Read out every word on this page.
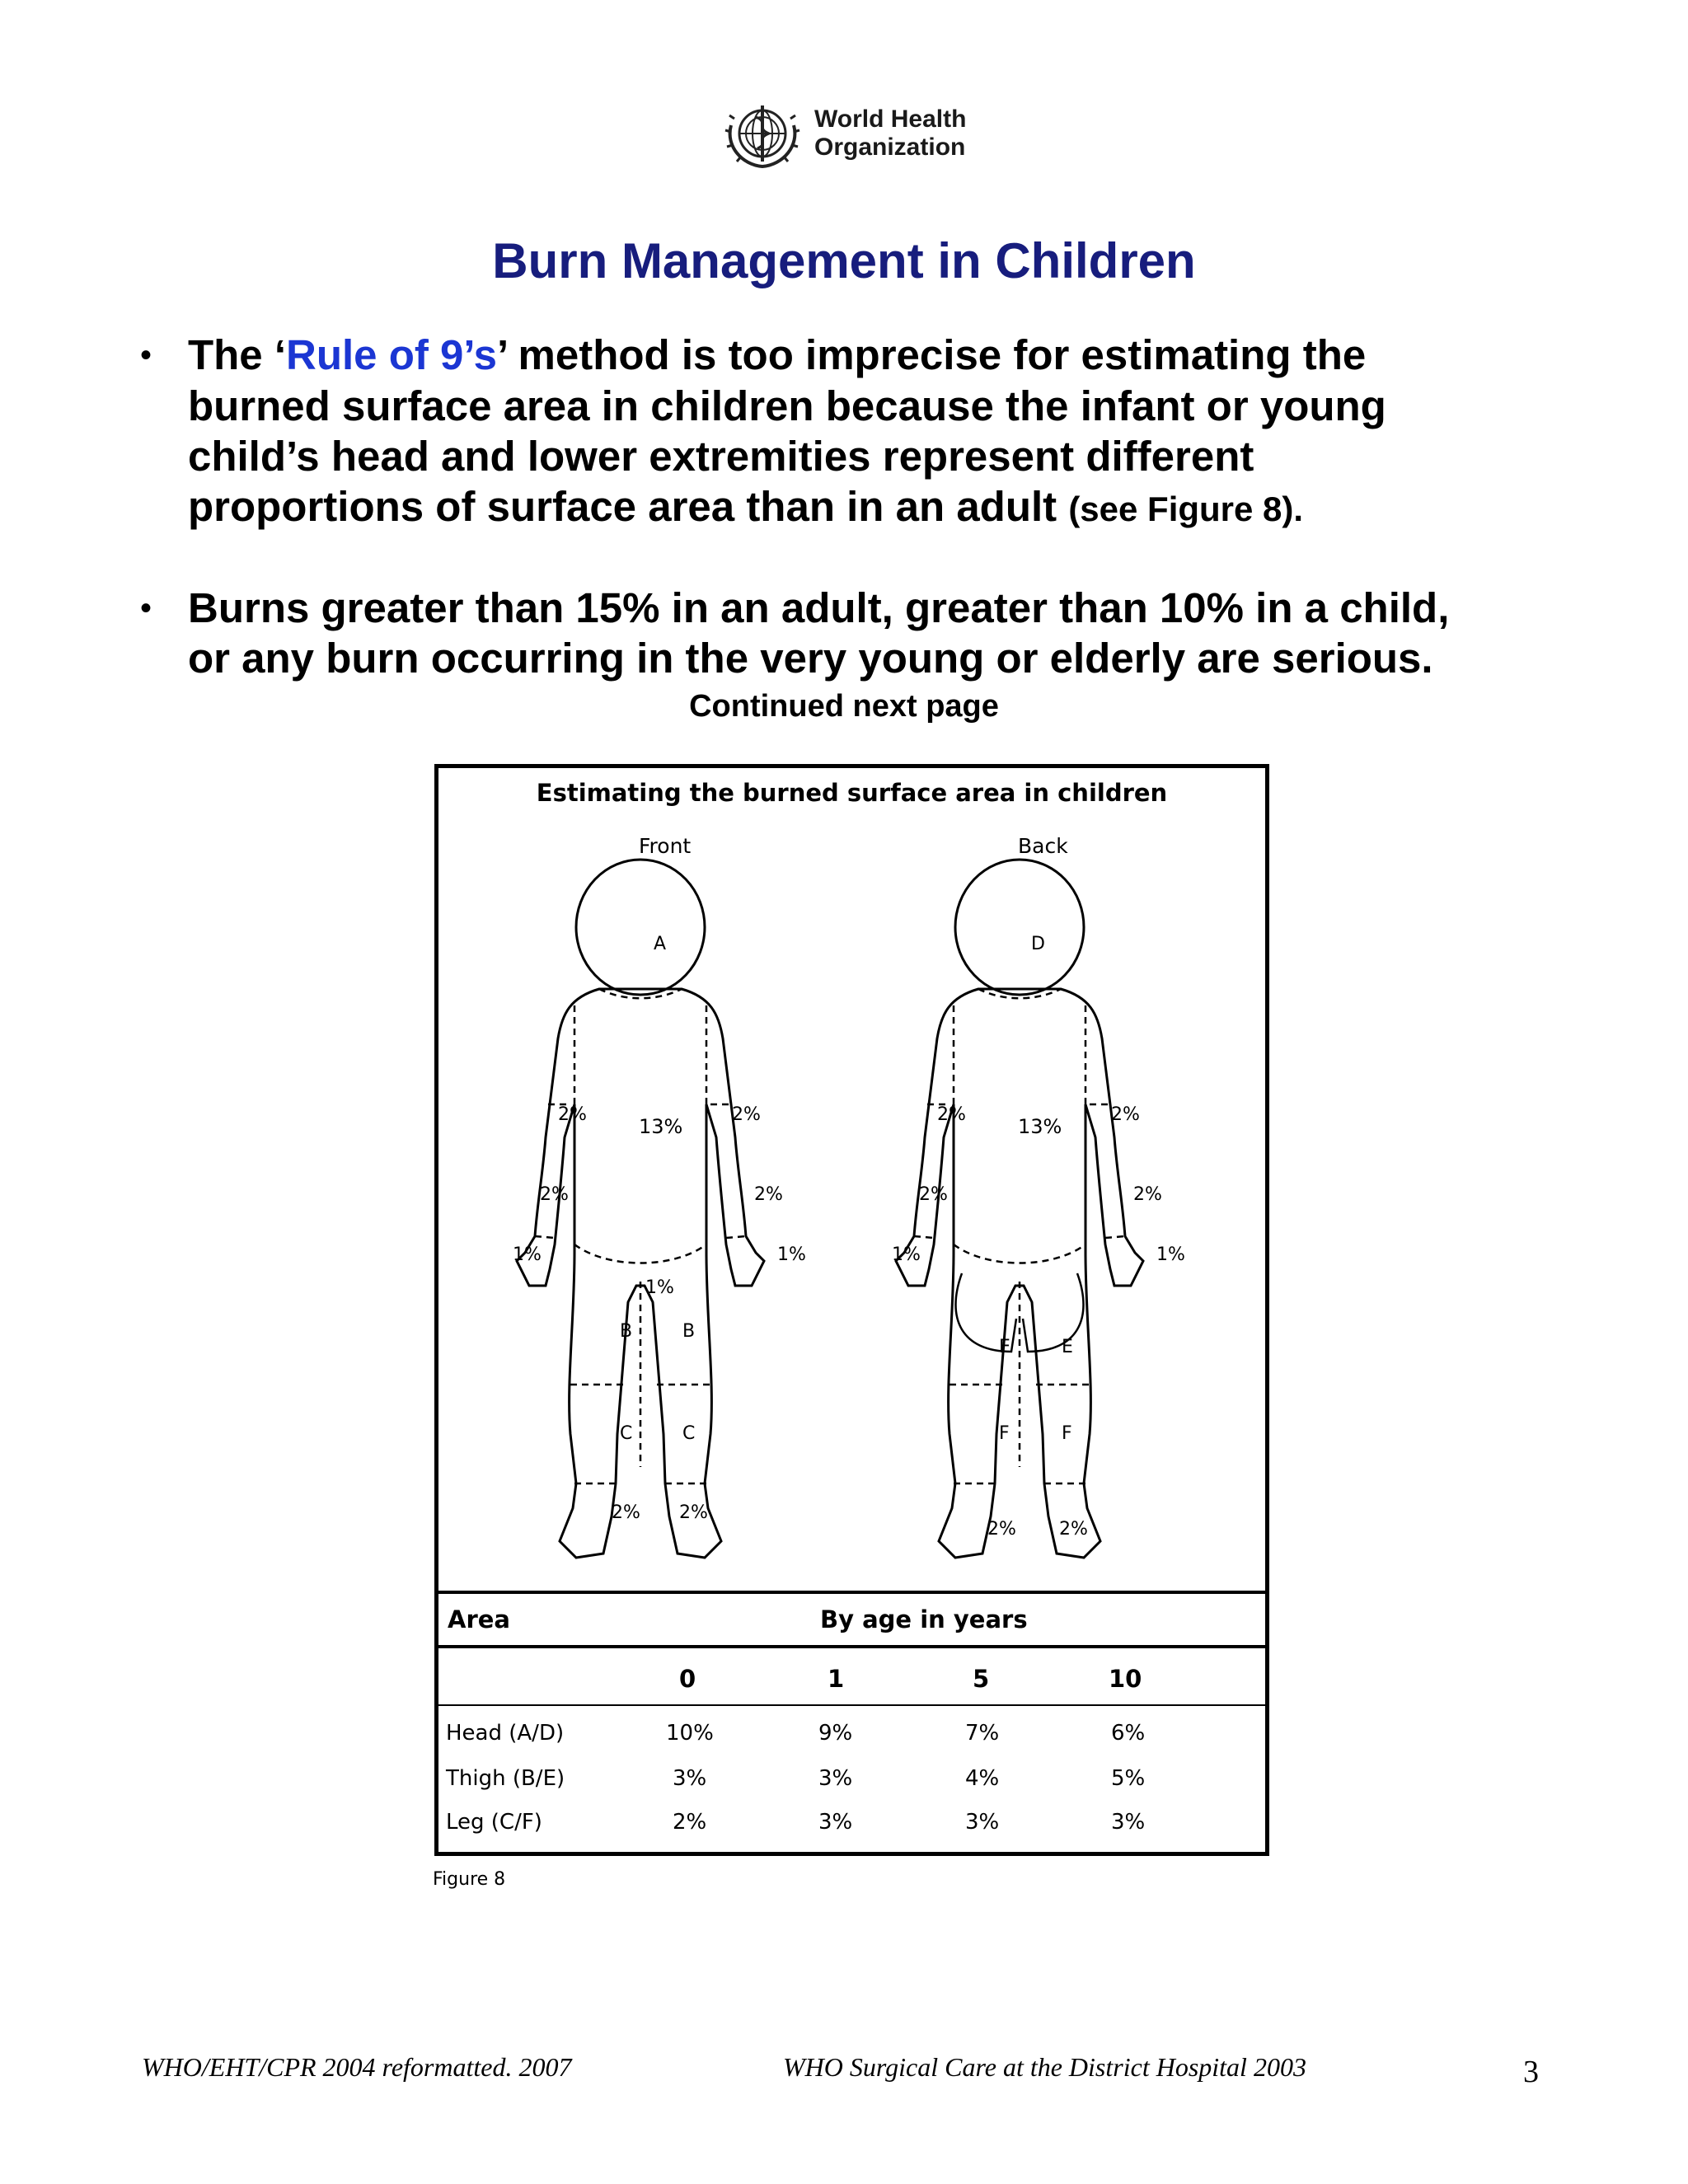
World Health
Organization
Burn Management in Children
• The ‘Rule of 9’s’ method is too imprecise for estimating the
burned surface area in children because the infant or young
child’s head and lower extremities represent different
proportions of surface area than in an adult (see Figure 8).
• Burns greater than 15% in an adult, greater than 10% in a child,
or any burn occurring in the very young or elderly are serious.
Continued next page
Estimating the burned surface area in children
Front	Back
A
13%
2%	2%
2%	2%
1%	1%
1%
B	B
C	C
2% 2%
D
13%
2%	2%
2%	2%
1%	1%
E	E
F	F
2% 2%
Area	By age in years
0	1	5	10
Head (A/D)	10%	9%	7%	6%
Thigh (B/E)	3%	3%	4%	5%
Leg (C/F)	2%	3%	3%	3%
Figure 8
WHO/EHT/CPR 2004 reformatted. 2007	WHO Surgical Care at the District Hospital 2003	3
